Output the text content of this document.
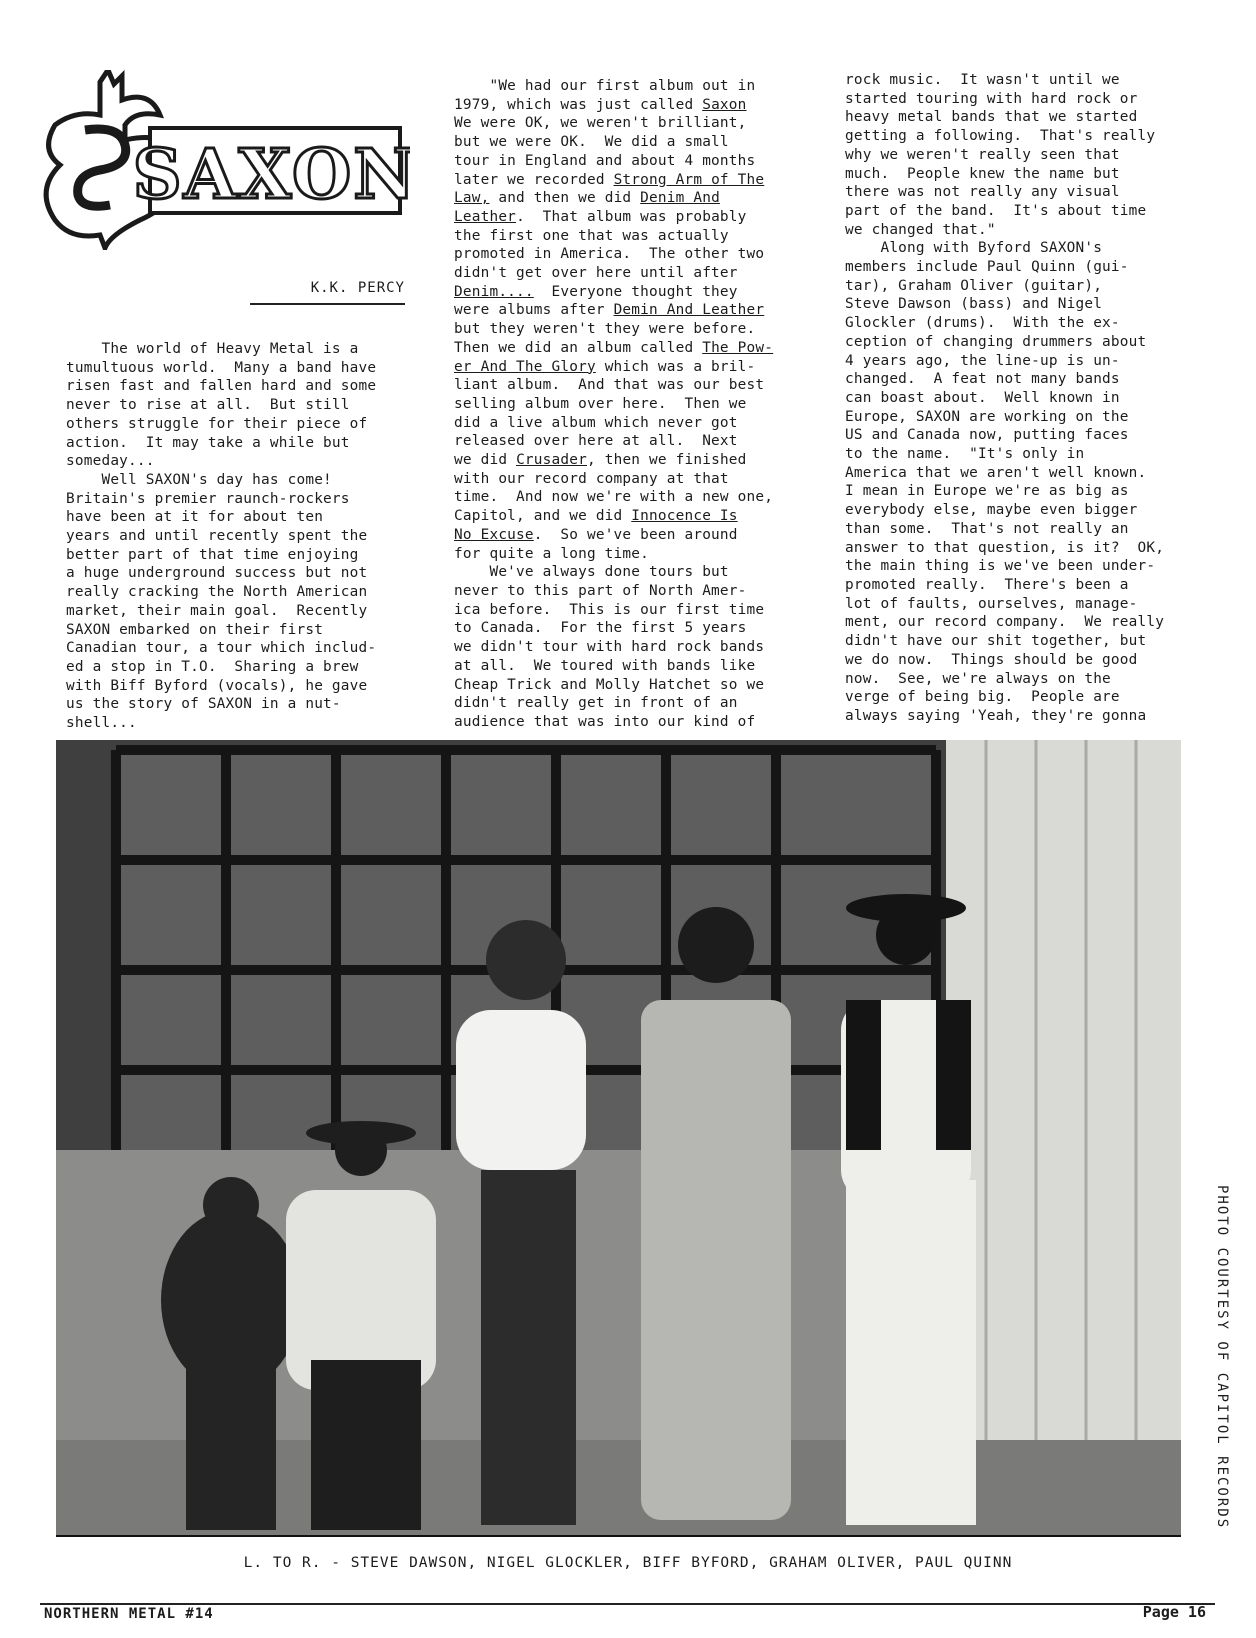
SAXON
K.K. PERCY
The world of Heavy Metal is a
tumultuous world.  Many a band have
risen fast and fallen hard and some
never to rise at all.  But still
others struggle for their piece of
action.  It may take a while but
someday...
Well SAXON's day has come!
Britain's premier raunch-rockers
have been at it for about ten
years and until recently spent the
better part of that time enjoying
a huge underground success but not
really cracking the North American
market, their main goal.  Recently
SAXON embarked on their first
Canadian tour, a tour which includ-
ed a stop in T.O.  Sharing a brew
with Biff Byford (vocals), he gave
us the story of SAXON in a nut-
shell...
"We had our first album out in
1979, which was just called Saxon
We were OK, we weren't brilliant,
but we were OK.  We did a small
tour in England and about 4 months
later we recorded Strong Arm of The
Law, and then we did Denim And
Leather.  That album was probably
the first one that was actually
promoted in America.  The other two
didn't get over here until after
Denim....  Everyone thought they
were albums after Demin And Leather
but they weren't they were before.
Then we did an album called The Pow-
er And The Glory which was a bril-
liant album.  And that was our best
selling album over here.  Then we
did a live album which never got
released over here at all.  Next
we did Crusader, then we finished
with our record company at that
time.  And now we're with a new one,
Capitol, and we did Innocence Is
No Excuse.  So we've been around
for quite a long time.
We've always done tours but
never to this part of North Amer-
ica before.  This is our first time
to Canada.  For the first 5 years
we didn't tour with hard rock bands
at all.  We toured with bands like
Cheap Trick and Molly Hatchet so we
didn't really get in front of an
audience that was into our kind of
rock music.  It wasn't until we
started touring with hard rock or
heavy metal bands that we started
getting a following.  That's really
why we weren't really seen that
much.  People knew the name but
there was not really any visual
part of the band.  It's about time
we changed that."
Along with Byford SAXON's
members include Paul Quinn (gui-
tar), Graham Oliver (guitar),
Steve Dawson (bass) and Nigel
Glockler (drums).  With the ex-
ception of changing drummers about
4 years ago, the line-up is un-
changed.  A feat not many bands
can boast about.  Well known in
Europe, SAXON are working on the
US and Canada now, putting faces
to the name.  "It's only in
America that we aren't well known.
I mean in Europe we're as big as
everybody else, maybe even bigger
than some.  That's not really an
answer to that question, is it?  OK,
the main thing is we've been under-
promoted really.  There's been a
lot of faults, ourselves, manage-
ment, our record company.  We really
didn't have our shit together, but
we do now.  Things should be good
now.  See, we're always on the
verge of being big.  People are
always saying 'Yeah, they're gonna
PHOTO COURTESY OF CAPITOL RECORDS
L. TO R. - STEVE DAWSON, NIGEL GLOCKLER, BIFF BYFORD, GRAHAM OLIVER, PAUL QUINN
NORTHERN METAL #14	Page 16
